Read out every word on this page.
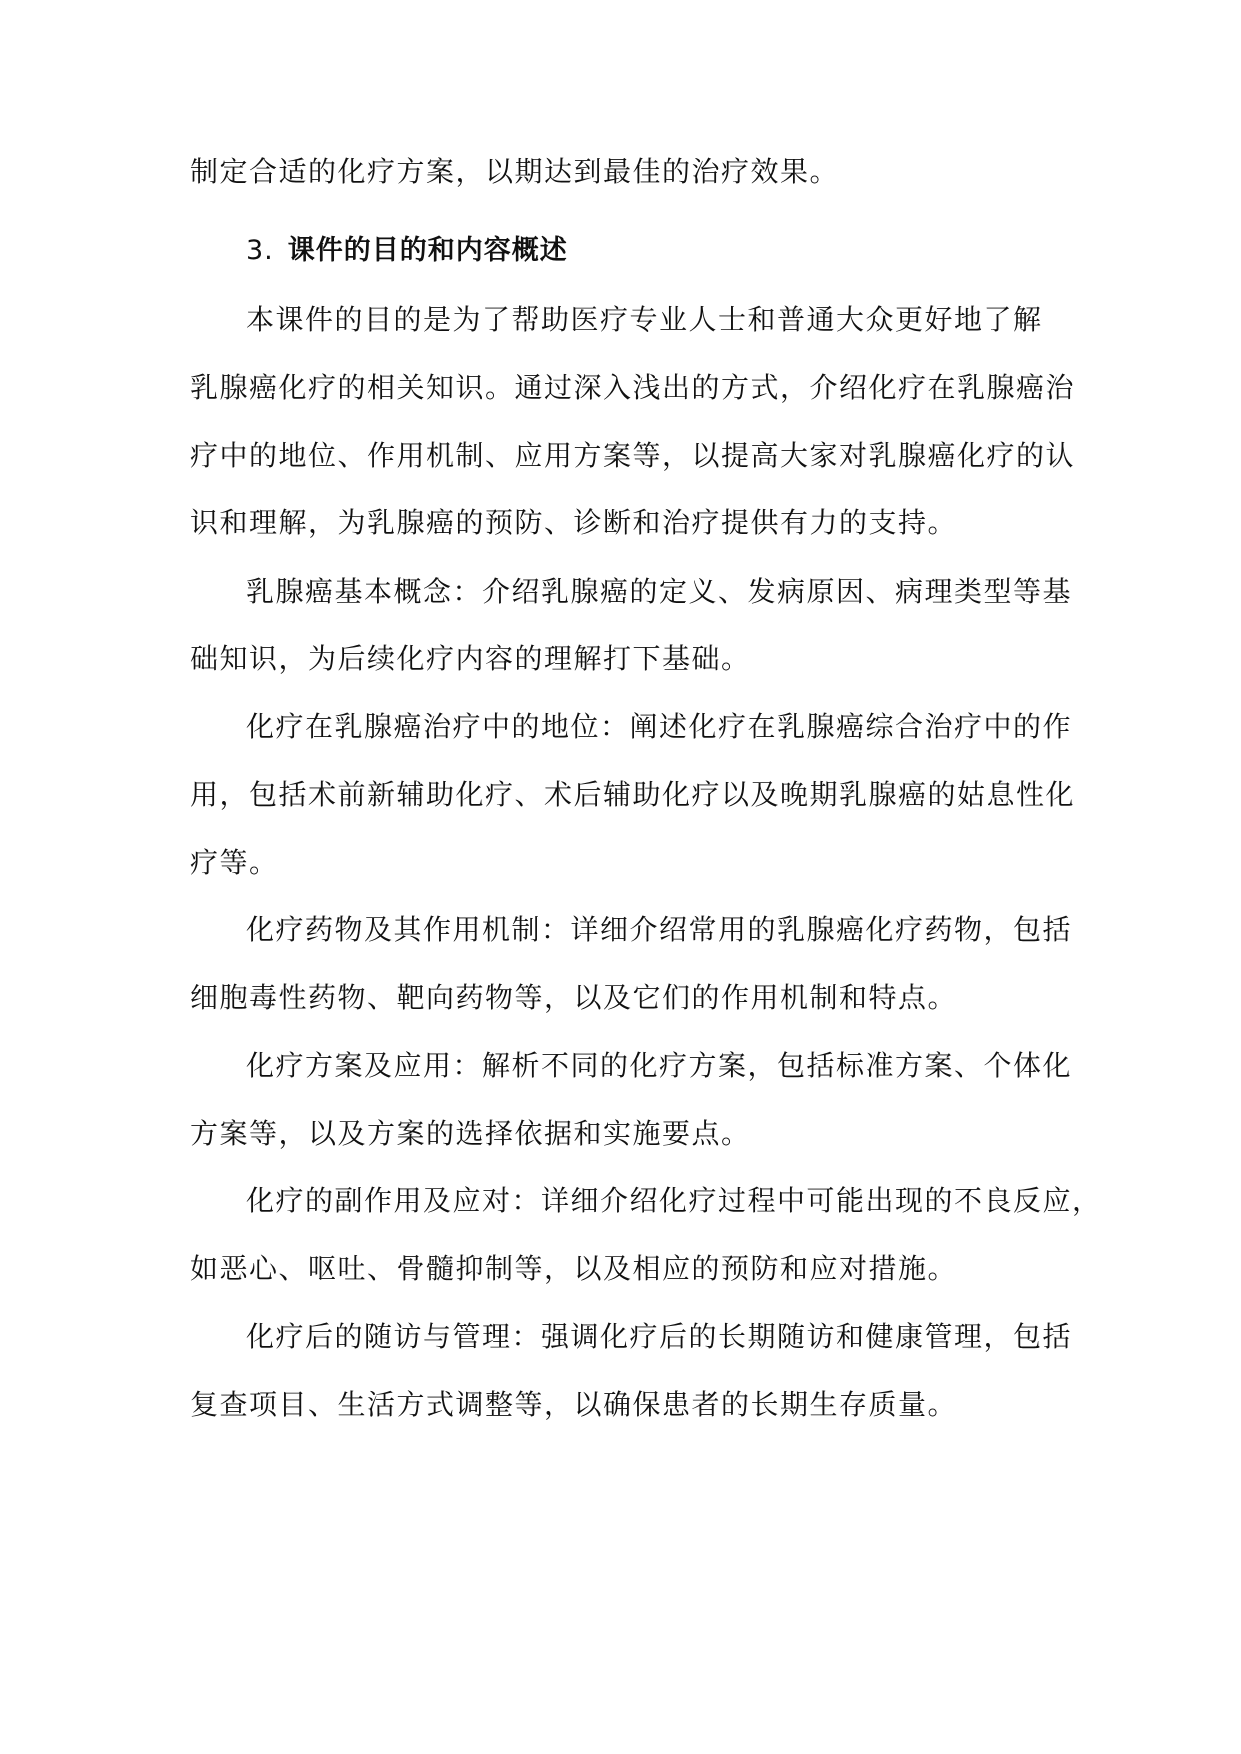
制定合适的化疗方案，以期达到最佳的治疗效果。
3. 课件的目的和内容概述
本课件的目的是为了帮助医疗专业人士和普通大众更好地了解
乳腺癌化疗的相关知识。通过深入浅出的方式，介绍化疗在乳腺癌治
疗中的地位、作用机制、应用方案等，以提高大家对乳腺癌化疗的认
识和理解，为乳腺癌的预防、诊断和治疗提供有力的支持。
乳腺癌基本概念：介绍乳腺癌的定义、发病原因、病理类型等基
础知识，为后续化疗内容的理解打下基础。
化疗在乳腺癌治疗中的地位：阐述化疗在乳腺癌综合治疗中的作
用，包括术前新辅助化疗、术后辅助化疗以及晚期乳腺癌的姑息性化
疗等。
化疗药物及其作用机制：详细介绍常用的乳腺癌化疗药物，包括
细胞毒性药物、靶向药物等，以及它们的作用机制和特点。
化疗方案及应用：解析不同的化疗方案，包括标准方案、个体化
方案等，以及方案的选择依据和实施要点。
化疗的副作用及应对：详细介绍化疗过程中可能出现的不良反应，
如恶心、呕吐、骨髓抑制等，以及相应的预防和应对措施。
化疗后的随访与管理：强调化疗后的长期随访和健康管理，包括
复查项目、生活方式调整等，以确保患者的长期生存质量。
